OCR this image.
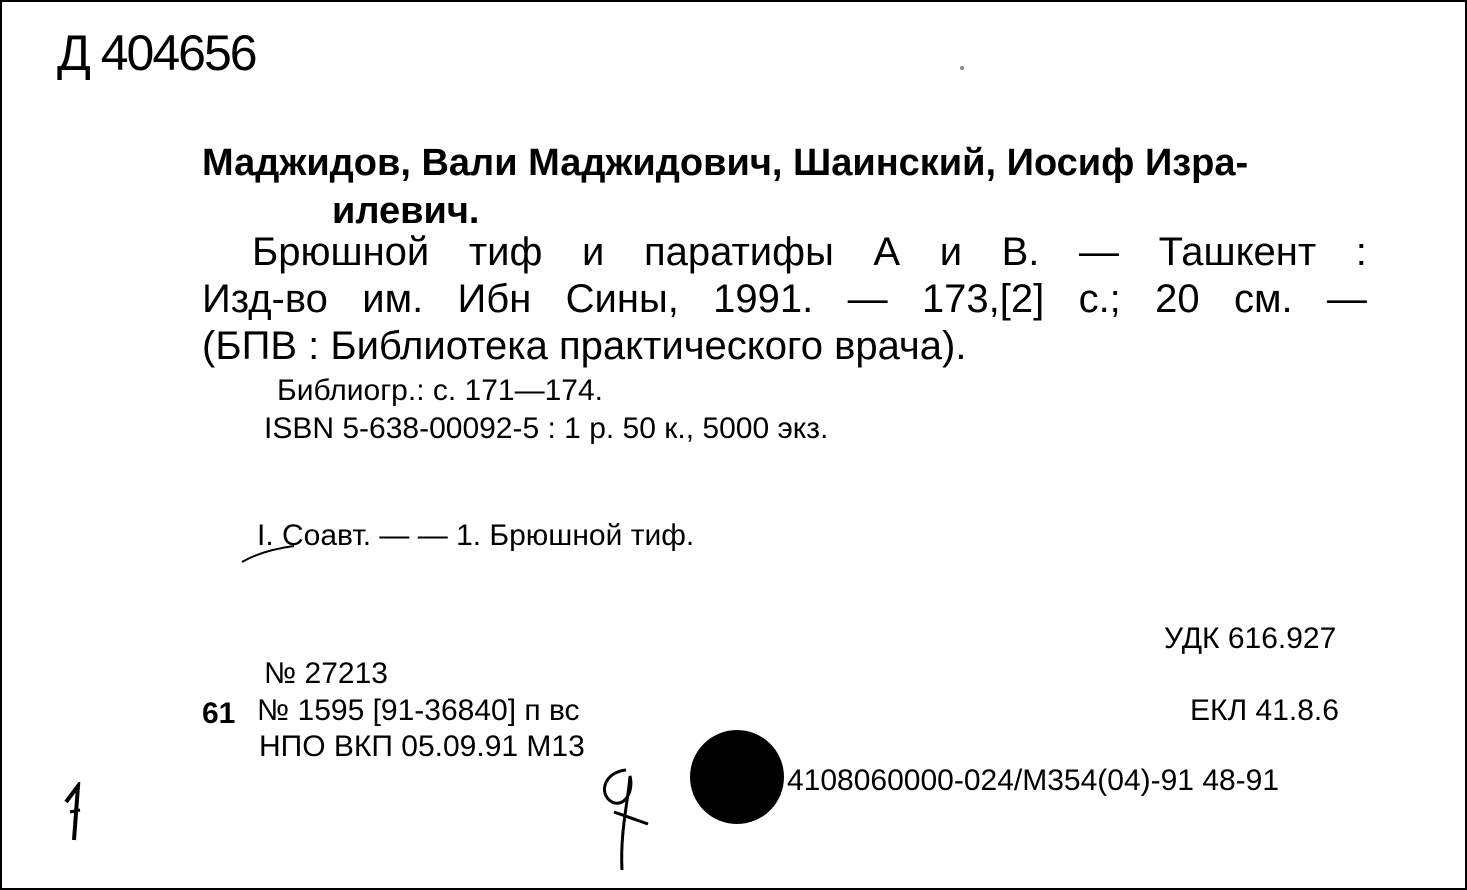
Д 404656
Маджидов, Вали Маджидович, Шаинский, Иосиф Изра-
илевич.
Брюшной тиф и паратифы А и В. — Ташкент :
Изд-во им. Ибн Сины, 1991. — 173,[2] с.; 20 см. —
(БПВ : Библиотека практического врача).
Библиогр.: с. 171—174.
ISBN 5-638-00092-5 : 1 р. 50 к., 5000 экз.
I. Соавт. — — 1. Брюшной тиф.
УДК 616.927
ЕКЛ 41.8.6
№ 27213
61 № 1595 [91-36840] п вс
НПО ВКП 05.09.91 М13
4108060000-024/М354(04)-91 48-91
